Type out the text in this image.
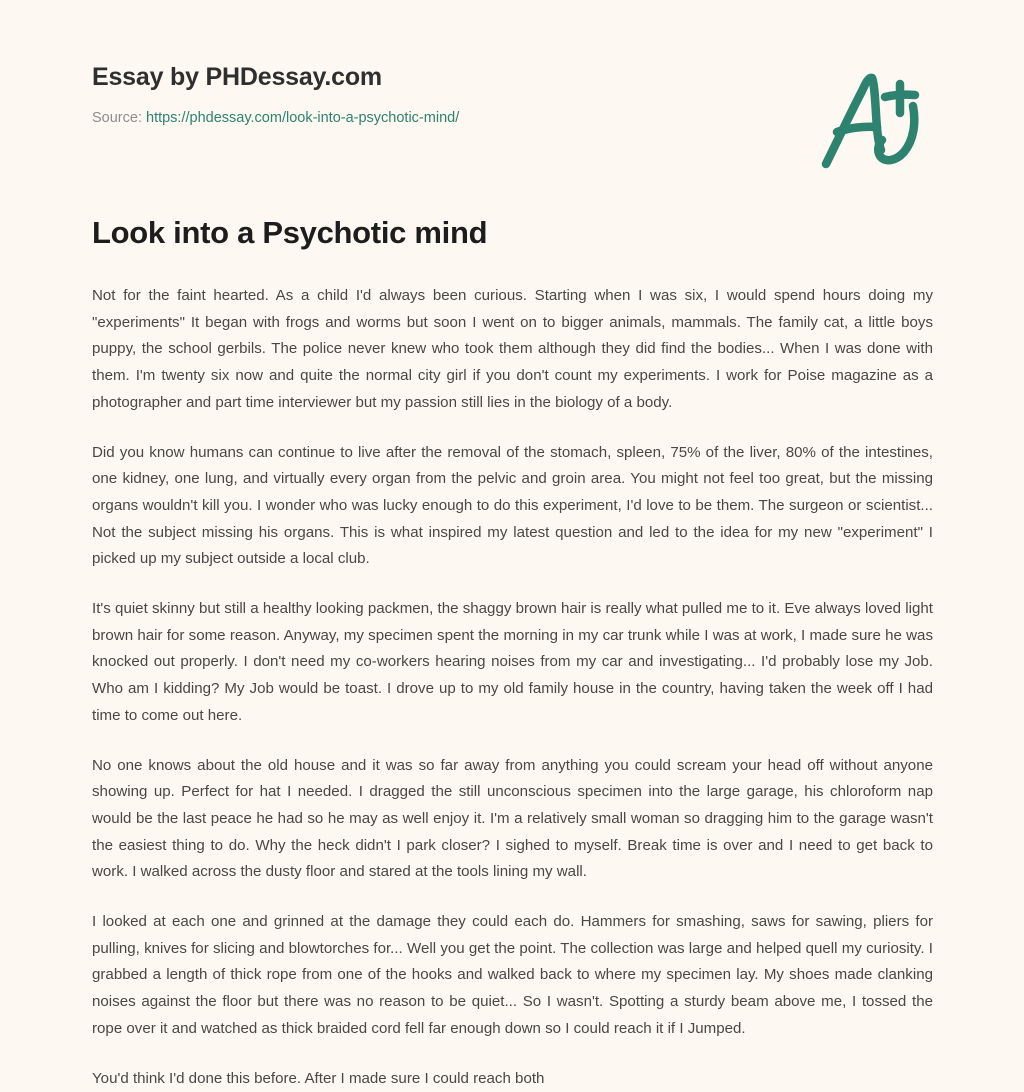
Essay by PHDessay.com
Source: https://phdessay.com/look-into-a-psychotic-mind/
Look into a Psychotic mind

Not for the faint hearted. As a child I'd always been curious. Starting when I was six, I would spend hours doing my "experiments" It began with frogs and worms but soon I went on to bigger animals, mammals. The family cat, a little boys puppy, the school gerbils. The police never knew who took them although they did find the bodies... When I was done with them. I'm twenty six now and quite the normal city girl if you don't count my experiments. I work for Poise magazine as a photographer and part time interviewer but my passion still lies in the biology of a body.

Did you know humans can continue to live after the removal of the stomach, spleen, 75% of the liver, 80% of the intestines, one kidney, one lung, and virtually every organ from the pelvic and groin area. You might not feel too great, but the missing organs wouldn't kill you. I wonder who was lucky enough to do this experiment, I'd love to be them. The surgeon or scientist... Not the subject missing his organs. This is what inspired my latest question and led to the idea for my new "experiment" I picked up my subject outside a local club.

It's quiet skinny but still a healthy looking packmen, the shaggy brown hair is really what pulled me to it. Eve always loved light brown hair for some reason. Anyway, my specimen spent the morning in my car trunk while I was at work, I made sure he was knocked out properly. I don't need my co-workers hearing noises from my car and investigating... I'd probably lose my Job. Who am I kidding? My Job would be toast. I drove up to my old family house in the country, having taken the week off I had time to come out here.

No one knows about the old house and it was so far away from anything you could scream your head off without anyone showing up. Perfect for hat I needed. I dragged the still unconscious specimen into the large garage, his chloroform nap would be the last peace he had so he may as well enjoy it. I'm a relatively small woman so dragging him to the garage wasn't the easiest thing to do. Why the heck didn't I park closer? I sighed to myself. Break time is over and I need to get back to work. I walked across the dusty floor and stared at the tools lining my wall.

I looked at each one and grinned at the damage they could each do. Hammers for smashing, saws for sawing, pliers for pulling, knives for slicing and blowtorches for... Well you get the point. The collection was large and helped quell my curiosity. I grabbed a length of thick rope from one of the hooks and walked back to where my specimen lay. My shoes made clanking noises against the floor but there was no reason to be quiet... So I wasn't. Spotting a sturdy beam above me, I tossed the rope over it and watched as thick braided cord fell far enough down so I could reach it if I Jumped.

You'd think I'd done this before. After I made sure I could reach both
